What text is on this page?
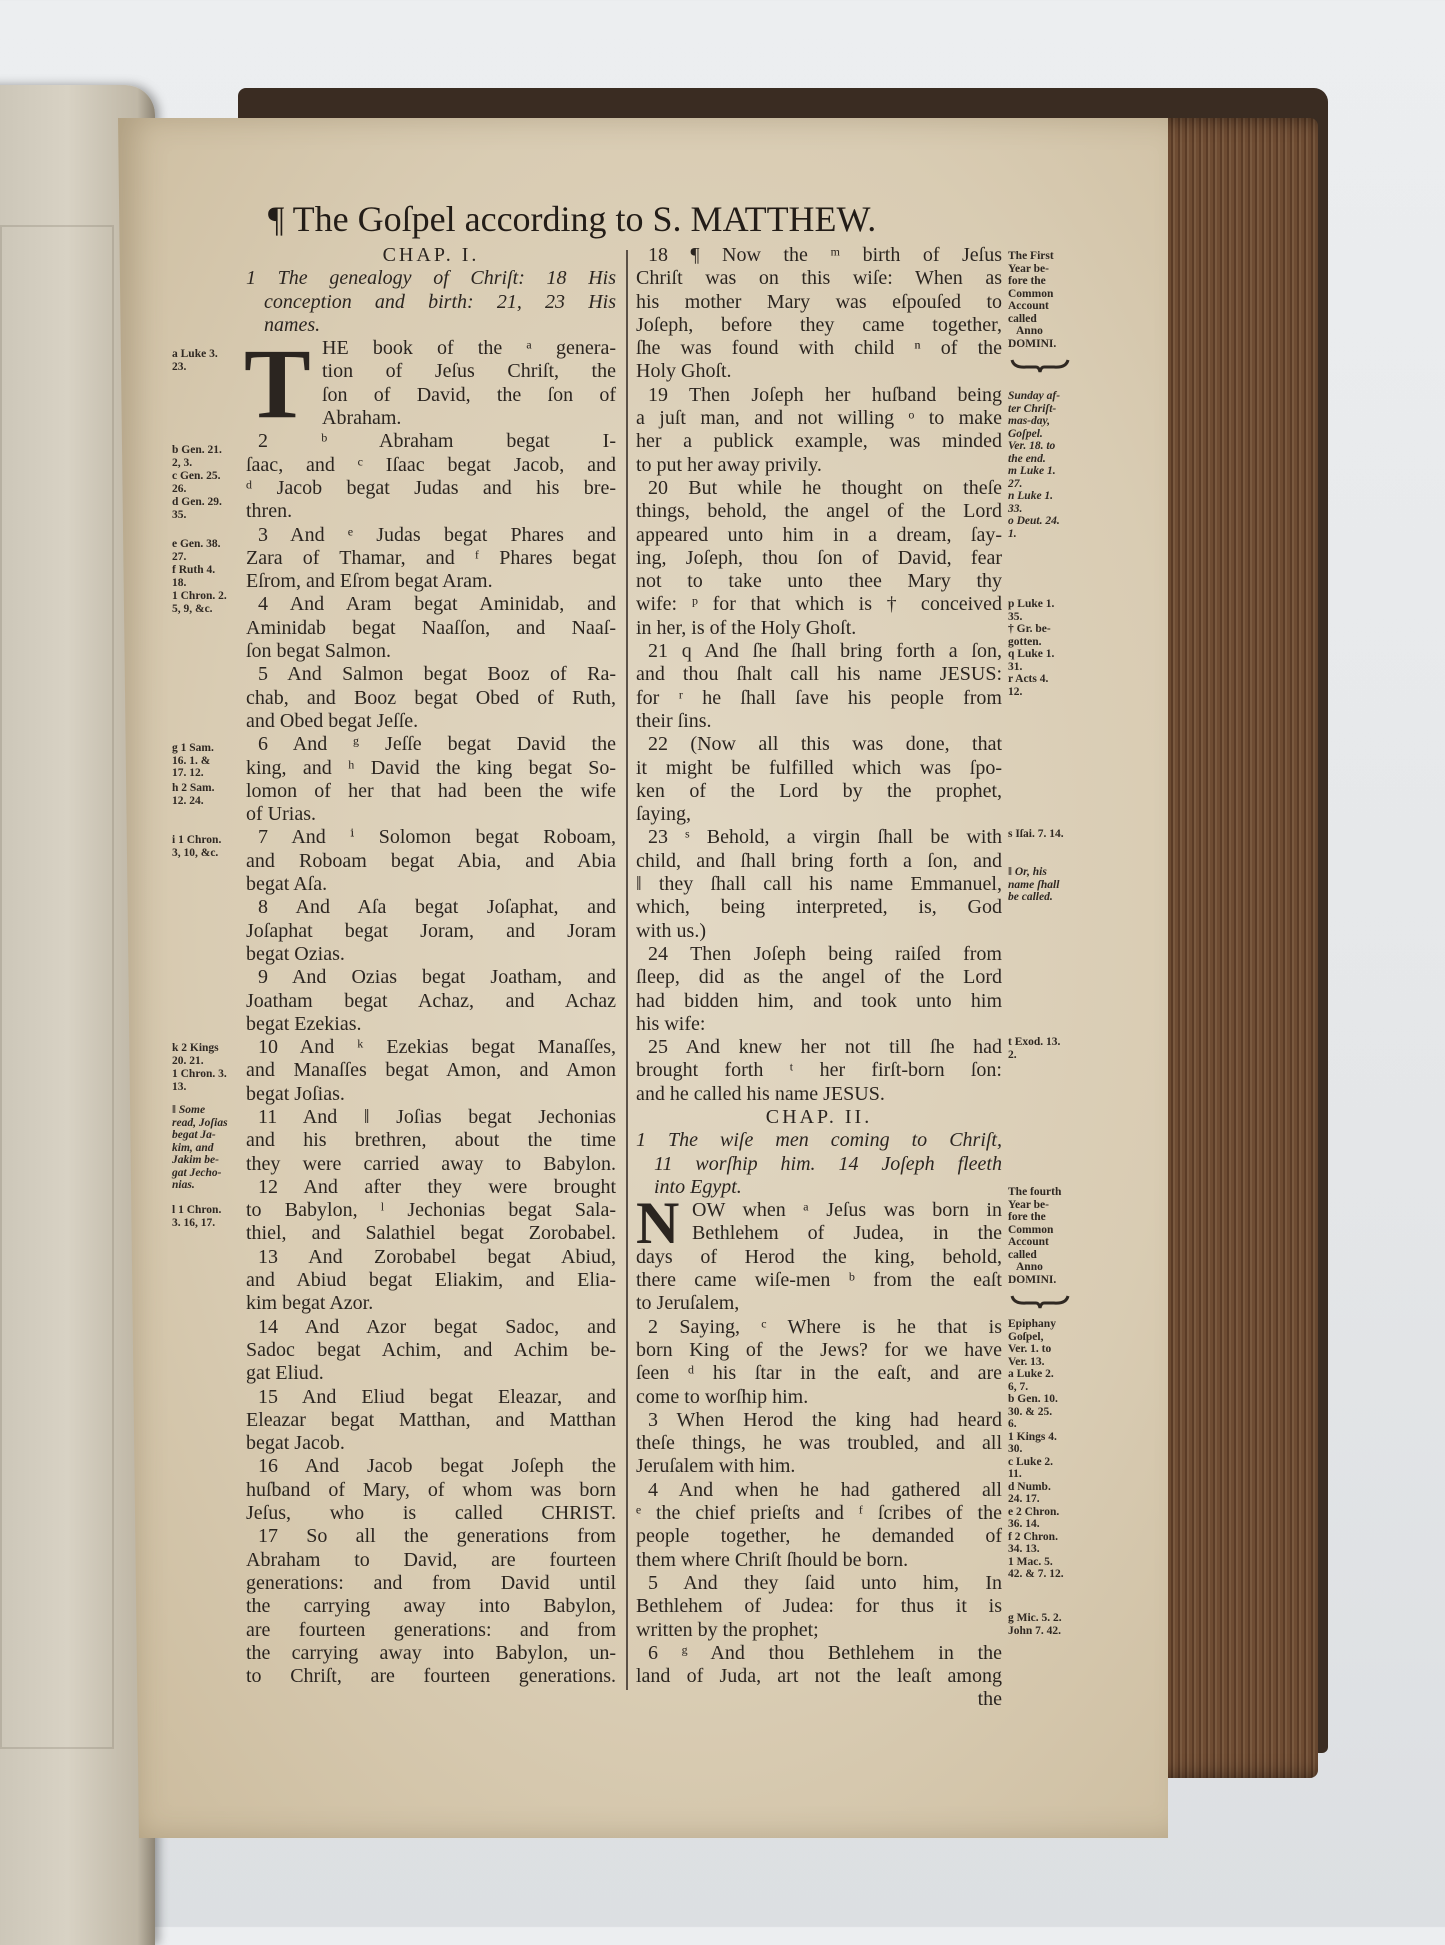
¶ The Goſpel according to S. MATTHEW.
CHAP. I.
1 The genealogy of Chriſt: 18 His
conception and birth: 21, 23 His
names.
T HE book of the ᵃ genera-
tion of Jeſus Chriſt, the
ſon of David, the ſon of
Abraham.
2 ᵇ Abraham begat I-
ſaac, and ᶜ Iſaac begat Jacob, and
ᵈ Jacob begat Judas and his bre-
thren.
3 And ᵉ Judas begat Phares and
Zara of Thamar, and ᶠ Phares begat
Eſrom, and Eſrom begat Aram.
4 And Aram begat Aminidab, and
Aminidab begat Naaſſon, and Naaſ-
ſon begat Salmon.
5 And Salmon begat Booz of Ra-
chab, and Booz begat Obed of Ruth,
and Obed begat Jeſſe.
6 And ᵍ Jeſſe begat David the
king, and ʰ David the king begat So-
lomon of her that had been the wife
of Urias.
7 And ⁱ Solomon begat Roboam,
and Roboam begat Abia, and Abia
begat Aſa.
8 And Aſa begat Joſaphat, and
Joſaphat begat Joram, and Joram
begat Ozias.
9 And Ozias begat Joatham, and
Joatham begat Achaz, and Achaz
begat Ezekias.
10 And ᵏ Ezekias begat Manaſſes,
and Manaſſes begat Amon, and Amon
begat Joſias.
11 And ‖ Joſias begat Jechonias
and his brethren, about the time
they were carried away to Babylon.
12 And after they were brought
to Babylon, ˡ Jechonias begat Sala-
thiel, and Salathiel begat Zorobabel.
13 And Zorobabel begat Abiud,
and Abiud begat Eliakim, and Elia-
kim begat Azor.
14 And Azor begat Sadoc, and
Sadoc begat Achim, and Achim be-
gat Eliud.
15 And Eliud begat Eleazar, and
Eleazar begat Matthan, and Matthan
begat Jacob.
16 And Jacob begat Joſeph the
huſband of Mary, of whom was born
Jeſus, who is called CHRIST.
17 So all the generations from
Abraham to David, are fourteen
generations: and from David until
the carrying away into Babylon,
are fourteen generations: and from
the carrying away into Babylon, un-
to Chriſt, are fourteen generations.
18 ¶ Now the ᵐ birth of Jeſus
Chriſt was on this wiſe: When as
his mother Mary was eſpouſed to
Joſeph, before they came together,
ſhe was found with child ⁿ of the
Holy Ghoſt.
19 Then Joſeph her huſband being
a juſt man, and not willing ᵒ to make
her a publick example, was minded
to put her away privily.
20 But while he thought on theſe
things, behold, the angel of the Lord
appeared unto him in a dream, ſay-
ing, Joſeph, thou ſon of David, fear
not to take unto thee Mary thy
wife: ᵖ for that which is † conceived
in her, is of the Holy Ghoſt.
21 q And ſhe ſhall bring forth a ſon,
and thou ſhalt call his name JESUS:
for ʳ he ſhall ſave his people from
their ſins.
22 (Now all this was done, that
it might be fulfilled which was ſpo-
ken of the Lord by the prophet,
ſaying,
23 ˢ Behold, a virgin ſhall be with
child, and ſhall bring forth a ſon, and
‖ they ſhall call his name Emmanuel,
which, being interpreted, is, God
with us.)
24 Then Joſeph being raiſed from
ſleep, did as the angel of the Lord
had bidden him, and took unto him
his wife:
25 And knew her not till ſhe had
brought forth ᵗ her firſt-born ſon:
and he called his name JESUS.
CHAP. II.
1 The wiſe men coming to Chriſt,
11 worſhip him. 14 Joſeph fleeth
into Egypt.
N OW when ᵃ Jeſus was born in
Bethlehem of Judea, in the
days of Herod the king, behold,
there came wiſe-men ᵇ from the eaſt
to Jeruſalem,
2 Saying, ᶜ Where is he that is
born King of the Jews? for we have
ſeen ᵈ his ſtar in the eaſt, and are
come to worſhip him.
3 When Herod the king had heard
theſe things, he was troubled, and all
Jeruſalem with him.
4 And when he had gathered all
ᵉ the chief prieſts and ᶠ ſcribes of the
people together, he demanded of
them where Chriſt ſhould be born.
5 And they ſaid unto him, In
Bethlehem of Judea: for thus it is
written by the prophet;
6 ᵍ And thou Bethlehem in the
land of Juda, art not the leaſt among
the
a Luke 3.
23.
b Gen. 21.
2, 3.
c Gen. 25.
26.
d Gen. 29.
35.
e Gen. 38.
27.
f Ruth 4.
18.
1 Chron. 2.
5, 9, &c.
g 1 Sam.
16. 1. &
17. 12.
h 2 Sam.
12. 24.
i 1 Chron.
3, 10, &c.
k 2 Kings
20. 21.
1 Chron. 3.
13.
‖ Some
read, Joſias
begat Ja-
kim, and
Jakim be-
gat Jecho-
nias.
l 1 Chron.
3. 16, 17.
The First
Year be-
fore the
Common
Account
called
Anno
DOMINI.
Sunday af-
ter Chriſt-
mas-day,
Goſpel.
Ver. 18. to
the end.
m Luke 1.
27.
n Luke 1.
33.
o Deut. 24.
1.
p Luke 1.
35.
† Gr. be-
gotten.
q Luke 1.
31.
r Acts 4.
12.
s Iſai. 7. 14.
‖ Or, his
name ſhall
be called.
t Exod. 13.
2.
The fourth
Year be-
fore the
Common
Account
called
Anno
DOMINI.
Epiphany
Goſpel,
Ver. 1. to
Ver. 13.
a Luke 2.
6, 7.
b Gen. 10.
30. & 25.
6.
1 Kings 4.
30.
c Luke 2.
11.
d Numb.
24. 17.
e 2 Chron.
36. 14.
f 2 Chron.
34. 13.
1 Mac. 5.
42. & 7. 12.
g Mic. 5. 2.
John 7. 42.
